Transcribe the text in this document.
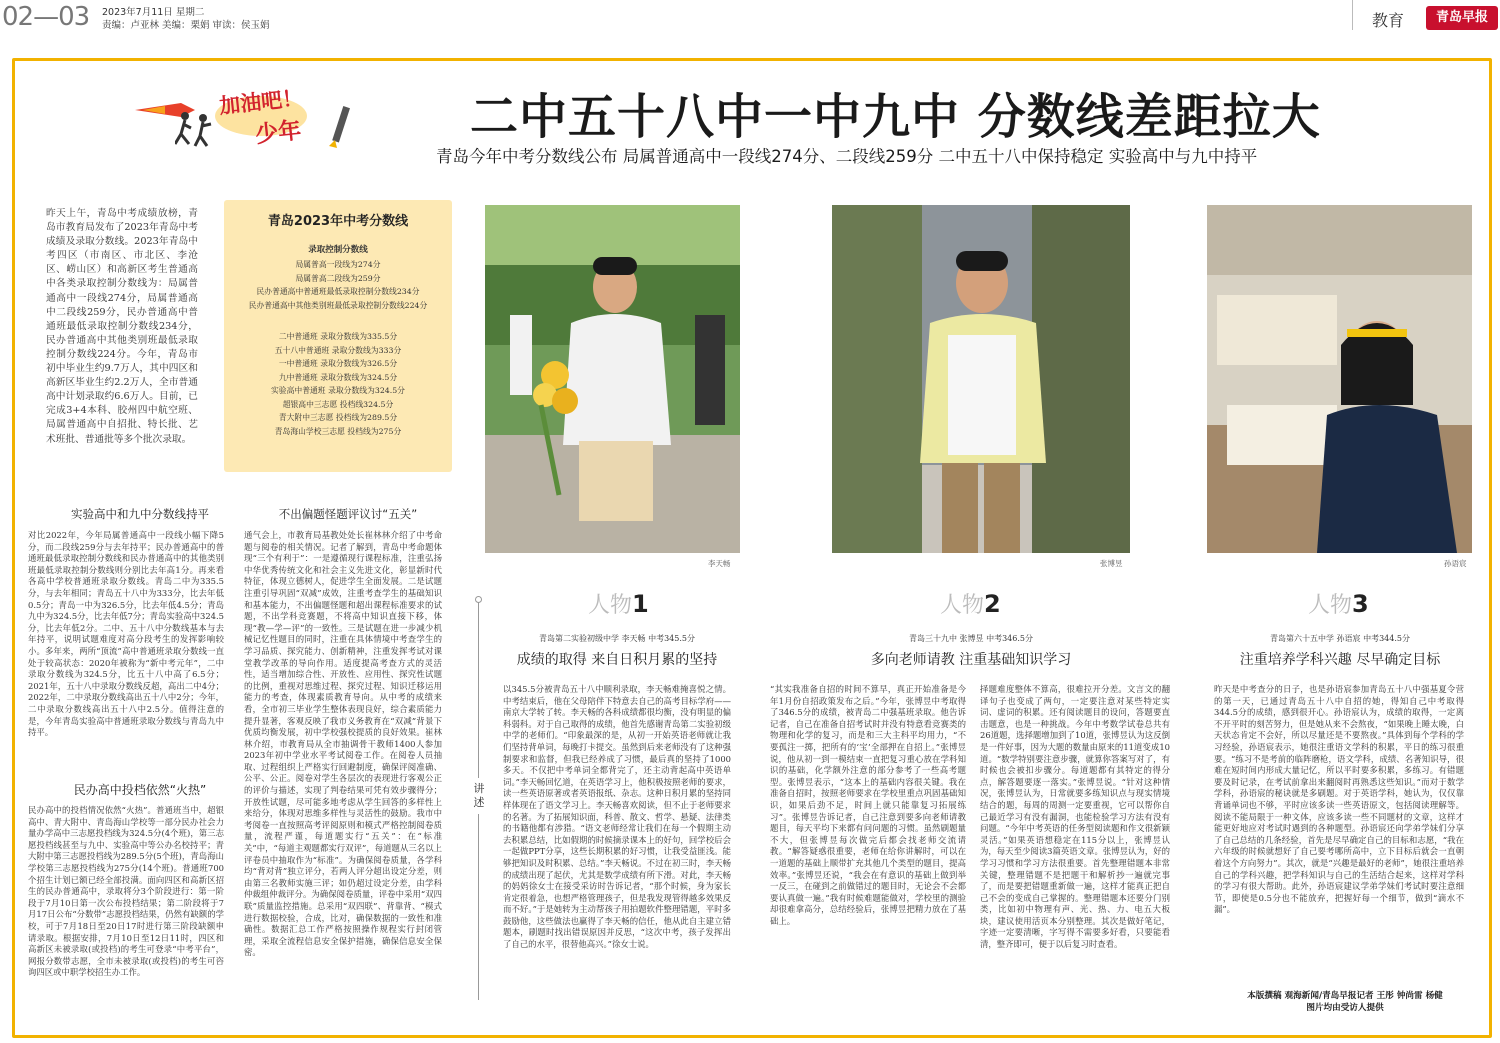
02—03 2023年7月11日 星期二
责编：卢亚林 美编：栗娟 审读：侯玉娟	教育	青岛早报
加油吧！
少年	二中五十八中一中九中 分数线差距拉大
青岛今年中考分数线公布 局属普通高中一段线274分、二段线259分 二中五十八中保持稳定 实验高中与九中持平
昨天上午，青岛中考成绩放榜，青岛市教育局发布了2023年青岛中考成绩及录取分数线。2023年青岛中考四区（市南区、市北区、李沧区、崂山区）和高新区考生普通高中各类录取控制分数线为：局属普通高中一段线274分，局属普通高中二段线259分，民办普通高中普通班最低录取控制分数线234分，民办普通高中其他类别班最低录取控制分数线224分。今年，青岛市初中毕业生约9.7万人，其中四区和高新区毕业生约2.2万人，全市普通高中计划录取约6.6万人。目前，已完成3+4本科、胶州四中航空班、局属普通高中自招批、特长批、艺术班批、普通批等多个批次录取。
青岛2023年中考分数线
录取控制分数线
局属普高一段线为274分
局属普高二段线为259分
民办普通高中普通班最低录取控制分数线234分
民办普通高中其他类别班最低录取控制分数线224分
二中普通班 录取分数线为335.5分
五十八中普通班 录取分数线为333分
一中普通班 录取分数线为326.5分
九中普通班 录取分数线为324.5分
实验高中普通班 录取分数线为324.5分
超银高中三志愿 投档线324.5分
青大附中三志愿 投档线为289.5分
青岛海山学校三志愿 投档线为275分
实验高中和九中分数线持平
对比2022年，今年局属普通高中一段线小幅下降5分，而二段线259分与去年持平；民办普通高中的普通班最低录取控制分数线和民办普通高中的其他类别班最低录取控制分数线则分别比去年高1分。再来看各高中学校普通班录取分数线。青岛二中为335.5分，与去年相同；青岛五十八中为333分，比去年低0.5分；青岛一中为326.5分，比去年低4.5分；青岛九中为324.5分，比去年低7分；青岛实验高中324.5分，比去年低2分。二中、五十八中分数线基本与去年持平，说明试题难度对高分段考生的发挥影响较小。多年来，两所“顶流”高中普通班录取分数线一直处于较高状态：2020年被称为“新中考元年”，二中录取分数线为324.5分，比五十八中高了6.5分；2021年，五十八中录取分数线反超，高出二中4分；2022年，二中录取分数线高出五十八中2分；今年，二中录取分数线高出五十八中2.5分。值得注意的是，今年青岛实验高中普通班录取分数线与青岛九中持平。
民办高中投档依然“火热”
民办高中的投档情况依然“火热”。普通班当中，超银高中、青大附中、青岛海山学校等一部分民办社会力量办学高中三志愿投档线为324.5分(4个班)，第三志愿投档线甚至与九中、实验高中等公办名校持平；青大附中第三志愿投档线为289.5分(5个班)，青岛海山学校第三志愿投档线为275分(14个班)。普通班700个招生计划已额已经全部投满。面向四区和高新区招生的民办普通高中，录取将分3个阶段进行：第一阶段于7月10日第一次公布投档结果；第二阶段将于7月17日公布“分数带”志愿投档结果，仍然有缺额的学校，可于7月18日至20日17时进行第三阶段缺额申请录取。根据安排，7月10日至12日11时，四区和高新区未被录取(或投档)的考生可登录“中考平台”，网报分数带志愿，全市未被录取(或投档)的考生可咨询四区或中职学校招生办工作。
不出偏题怪题评议讨“五关”
通气会上，市教育局基教处处长崔林林介绍了中考命题与阅卷的相关情况。记者了解到，青岛中考命题体现“三个有利于”：一是遵循现行课程标准，注重弘扬中华优秀传统文化和社会主义先进文化，彰显新时代特征，体现立德树人，促进学生全面发展。二是试题注重引导巩固“双减”成效，注重考查学生的基础知识和基本能力，不出偏题怪题和超出课程标准要求的试题，不出学科竞赛题，不将高中知识直接下移，体现“教—学—评”的一致性。三是试题在进一步减少机械记忆性题目的同时，注重在具体情境中考查学生的学习品质、探究能力、创新精神，注重发挥考试对课堂教学改革的导向作用。适度提高考查方式的灵活性，适当增加综合性、开放性、应用性、探究性试题的比例，重视对思维过程、探究过程、知识迁移运用能力的考查，体现素质教育导向。从中考的成绩来看，全市初三毕业学生整体表现良好，综合素质能力提升显著，客观反映了我市义务教育在“双减”背景下优质均衡发展，初中学校强校提质的良好效果。崔林林介绍，市教育局从全市抽调骨干教师1400人参加2023年初中学业水平考试阅卷工作。在阅卷人员抽取、过程组织上严格实行回避制度，确保评阅准确、公平、公正。阅卷对学生各层次的表现进行客观公正的评价与描述，实现了判卷结果可凭有效步骤得分；开放性试题，尽可能多地考虑从学生回答的多样性上来给分，体现对思维多样性与灵活性的鼓励。我市中考阅卷一直按照高考评阅原则和模式严格控制阅卷质量，流程严谨，每道题实行“五关”：在“标准关”中，“每道主观题都实行双评”，每道题从三名以上评卷员中抽取作为“标准”。为确保阅卷质量，各学科均“背对背”独立评分，若两人评分超出设定分差，则由第三名教师实施三评；如仍超过设定分差，由学科仲裁组仲裁评分。为确保阅卷质量，评卷中采用“双四联”质量监控措施。总采用“双四联”、背靠背、“模式进行数据校验，合成，比对，确保数据的一致性和准确性。数据汇总工作严格按照操作规程实行封闭管理，采取全流程信息安全保护措施，确保信息安全保密。
李天畅	张博昱	孙语宸
讲述
人物1
青岛第二实验初级中学 李天畅 中考345.5分
成绩的取得 来自日积月累的坚持
以345.5分被青岛五十八中顺利录取，李天畅难掩喜悦之情。中考结束后，他在父母陪伴下特意去自己的高考目标学府——南京大学转了转。李天畅的各科成绩都很均衡，没有明显的偏科弱科。对于自己取得的成绩，他首先感谢青岛第二实验初级中学的老师们。“印象最深的是，从初一开始英语老师就让我们坚持背单词，每晚打卡提交。虽然到后来老师没有了这种强制要求和监督，但我已经养成了习惯，最后真的坚持了1000多天。不仅把中考单词全都背完了，还主动背起高中英语单词。”李天畅回忆道，在英语学习上，他积极按照老师的要求，读一些英语原著或者英语报纸、杂志。这种日积月累的坚持同样体现在了语文学习上。李天畅喜欢阅读，但不止于老师要求的名著。为了拓展知识面，科普、散文、哲学、悬疑、法律类的书籍他都有涉猎。“语文老师经常让我们在每一个假期主动去积累总结，比如假期的时候摘录课本上的好句，回学校后会一起做PPT分享，这些长期积累的好习惯，让我受益匪浅。能够把知识及时积累、总结。”李天畅说。不过在初三时，李天畅的成绩出现了起伏，尤其是数学成绩有所下滑。对此，李天畅的妈妈徐女士在接受采访时告诉记者，“那个时候，身为家长肯定很着急，也想严格管理孩子，但是我发现管得越多效果反而不好。”于是她转为主动帮孩子用拍题软件整理错题，平时多鼓励他，这些做法也赢得了李天畅的信任，他从此自主建立错题本，刷题时找出错误原因并反思，“这次中考，孩子发挥出了自己的水平，很替他高兴。”徐女士说。
人物2
青岛三十九中 张博昱 中考346.5分
多向老师请教 注重基础知识学习
“其实我准备自招的时间不算早，真正开始准备是今年1月份自招政策发布之后。”今年，张博昱中考取得了346.5分的成绩，被青岛二中强基班录取。他告诉记者，自己在准备自招考试时并没有特意看竞赛类的物理和化学的复习，而是和三大主科平均用力，“不要孤注一掷，把所有的‘宝’全部押在自招上。”张博昱说，他从初一到一模结束一直把复习重心放在学科知识的基础，化学额外注意的部分参考了一些高考题型。张博昱表示，“这本上的基础内容很关键。我在准备自招时，按照老师要求在学校里重点巩固基础知识，如果后劲不足，时间上就只能靠复习拓展练习”。张博昱告诉记者，自己注意到要多向老师请教题目，每天平均下来都有问问题的习惯。虽然刷题量不大，但张博昱每次做完后都会找老师交流请教。“解答疑惑很重要，老师在给你讲解时，可以在一道题的基础上顺带扩充其他几个类型的题目，提高效率。”张博昱还说，“我会在有意识的基础上做到举一反三，在碰到之前做错过的题目时，无论会不会都要认真做一遍。”我有时候难题能做对，学校里的测验却很难拿高分，总结经验后，张博昱把精力放在了基础上。
择题难度整体不算高，很难拉开分差。文言文的翻译句子也变成了两句，一定要注意对某些特定实词、虚词的积累。还有阅读题目的设问，答题要直击题意，也是一种挑战。今年中考数学试卷总共有26道题，选择题增加到了10道，张博昱认为这反倒是一件好事，因为大题的数量由原来的11道变成10道。“数学特别要注意步骤，就算你答案写对了，有时候也会被扣步骤分。每道题都有其特定的得分点，解答题要逐一落实。”张博昱说。“针对这种情况，张博昱认为，日常就要多练知识点与现实情境结合的题，每周的周测一定要重视，它可以帮你自己最近学习有没有漏洞，也能检验学习方法有没有问题。“今年中考英语的任务型阅读题和作文很新颖灵活。”如果英语想稳定在115分以上，张博昱认为，每天至少阅读3篇英语文章。张博昱认为，好的学习习惯和学习方法很重要。首先整理错题本非常关键，整理错题不是把题干和解析抄一遍就完事了，而是要把错题重新做一遍，这样才能真正把自己不会的变成自己掌握的。整理错题本还要分门别类，比如初中物理有声、光、热、力、电五大板块，建议使用活页本分别整理。其次是做好笔记，字迹一定要清晰，字写得不需要多好看，只要能看清，整齐即可，便于以后复习时查看。
人物3
青岛第六十五中学 孙语宸 中考344.5分
注重培养学科兴趣 尽早确定目标
昨天是中考查分的日子，也是孙语宸参加青岛五十八中强基夏令营的第一天，已通过青岛五十八中自招的她，得知自己中考取得344.5分的成绩，感到很开心。孙语宸认为，成绩的取得，一定离不开平时的刻苦努力，但是她从来不会熬夜，“如果晚上睡太晚，白天状态肯定不会好，所以尽量还是不要熬夜。”具体到每个学科的学习经验，孙语宸表示，她很注重语文学科的积累，平日的练习很重要。“练习不是考前的临阵磨枪，语文学科，成绩、名著知识导，很难在短时间内形成大量记忆，所以平时要多积累，多练习。有错题要及时记录，在考试前拿出来翻阅时再熟悉这些知识。”而对于数学学科，孙语宸的秘诀就是多刷题。对于英语学科，她认为，仅仅靠背诵单词也不够，平时应该多读一些英语原文，包括阅读理解等。阅读不能局限于一种文体，应该多读一些不同题材的文章，这样才能更好地应对考试时遇到的各种题型。孙语宸还向学弟学妹们分享了自己总结的几条经验，首先是尽早确定自己的目标和志愿，“我在六年级的时候就想好了自己要考哪所高中，立下目标后就会一直朝着这个方向努力”。其次，就是“兴趣是最好的老师”，她很注重培养自己的学科兴趣，把学科知识与自己的生活结合起来，这样对学科的学习有很大帮助。此外，孙语宸建议学弟学妹们考试时要注意细节，即使是0.5分也不能放弃，把握好每一个细节，做到“滴水不漏”。
本版撰稿 观海新闻/青岛早报记者 王彤 钟尚雷 杨健
图片均由受访人提供
